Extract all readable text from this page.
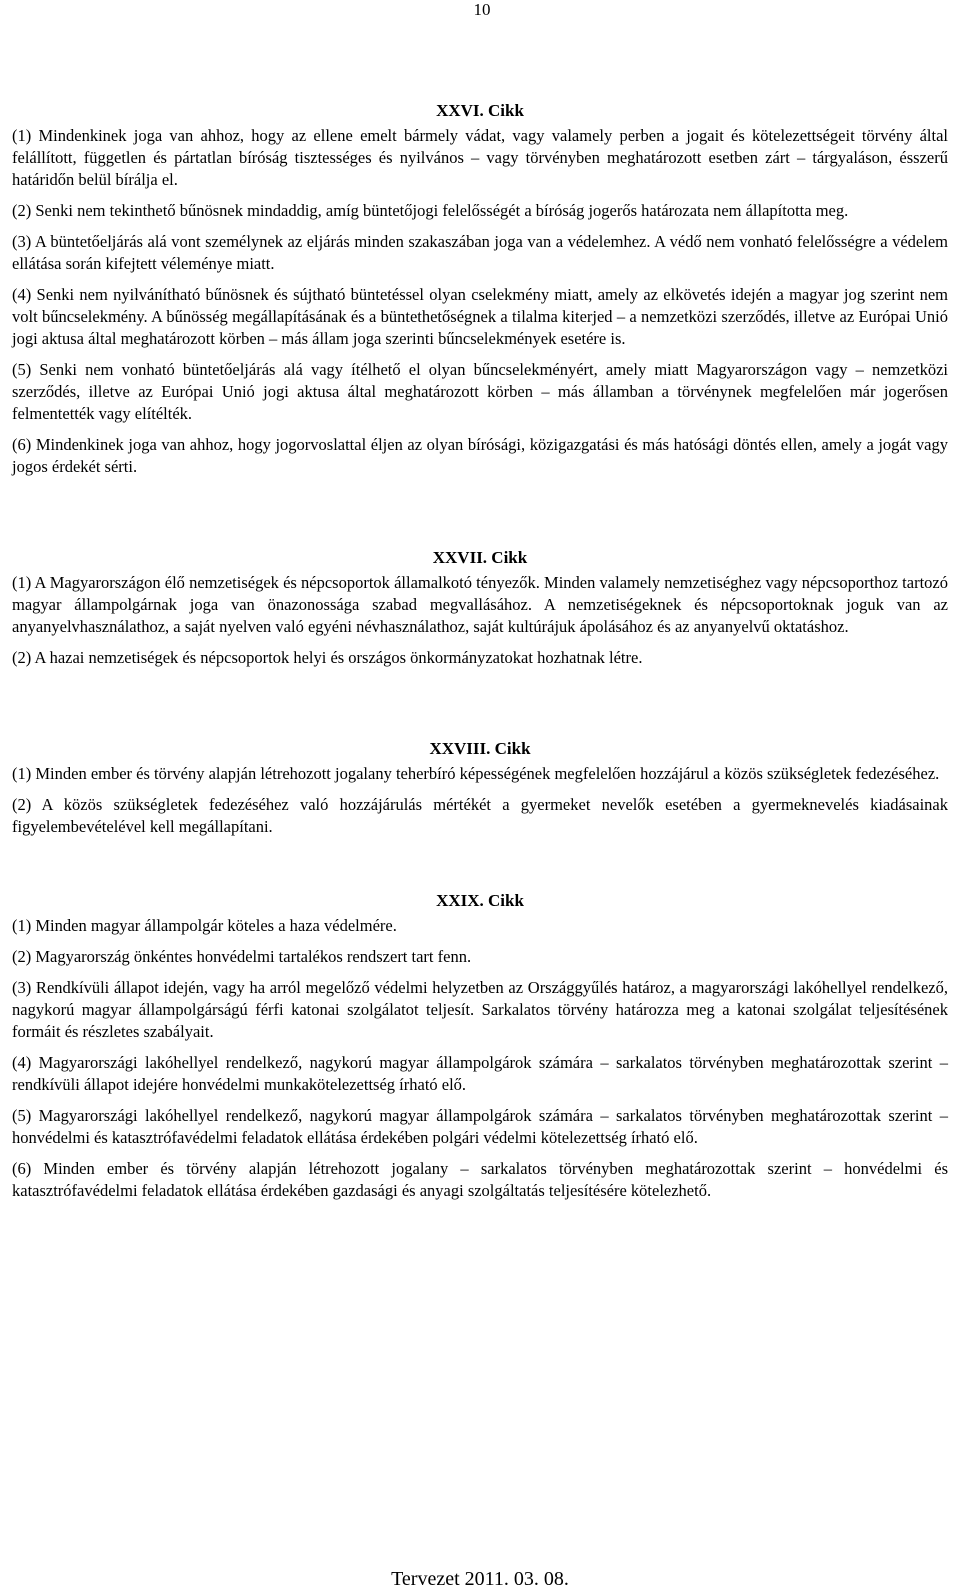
10
XXVI. Cikk

(1) Mindenkinek joga van ahhoz, hogy az ellene emelt bármely vádat, vagy valamely perben a jogait és kötelezettségeit törvény által felállított, független és pártatlan bíróság tisztességes és nyilvános – vagy törvényben meghatározott esetben zárt – tárgyaláson, ésszerű határidőn belül bírálja el.

(2) Senki nem tekinthető bűnösnek mindaddig, amíg büntetőjogi felelősségét a bíróság jogerős határozata nem állapította meg.

(3) A büntetőeljárás alá vont személynek az eljárás minden szakaszában joga van a védelemhez. A védő nem vonható felelősségre a védelem ellátása során kifejtett véleménye miatt.

(4) Senki nem nyilvánítható bűnösnek és sújtható büntetéssel olyan cselekmény miatt, amely az elkövetés idején a magyar jog szerint nem volt bűncselekmény. A bűnösség megállapításának és a büntethetőségnek a tilalma kiterjed – a nemzetközi szerződés, illetve az Európai Unió jogi aktusa által meghatározott körben – más állam joga szerinti bűncselekmények esetére is.

(5) Senki nem vonható büntetőeljárás alá vagy ítélhető el olyan bűncselekményért, amely miatt Magyarországon vagy – nemzetközi szerződés, illetve az Európai Unió jogi aktusa által meghatározott körben – más államban a törvénynek megfelelően már jogerősen felmentették vagy elítélték.

(6) Mindenkinek joga van ahhoz, hogy jogorvoslattal éljen az olyan bírósági, közigazgatási és más hatósági döntés ellen, amely a jogát vagy jogos érdekét sérti.

XXVII. Cikk

(1) A Magyarországon élő nemzetiségek és népcsoportok államalkotó tényezők. Minden valamely nemzetiséghez vagy népcsoporthoz tartozó magyar állampolgárnak joga van önazonossága szabad megvallásához. A nemzetiségeknek és népcsoportoknak joguk van az anyanyelvhasználathoz, a saját nyelven való egyéni névhasználathoz, saját kultúrájuk ápolásához és az anyanyelvű oktatáshoz.

(2) A hazai nemzetiségek és népcsoportok helyi és országos önkormányzatokat hozhatnak létre.

XXVIII. Cikk

(1) Minden ember és törvény alapján létrehozott jogalany teherbíró képességének megfelelően hozzájárul a közös szükségletek fedezéséhez.

(2) A közös szükségletek fedezéséhez való hozzájárulás mértékét a gyermeket nevelők esetében a gyermeknevelés kiadásainak figyelembevételével kell megállapítani.

XXIX. Cikk

(1) Minden magyar állampolgár köteles a haza védelmére.

(2) Magyarország önkéntes honvédelmi tartalékos rendszert tart fenn.

(3) Rendkívüli állapot idején, vagy ha arról megelőző védelmi helyzetben az Országgyűlés határoz, a magyarországi lakóhellyel rendelkező, nagykorú magyar állampolgárságú férfi katonai szolgálatot teljesít. Sarkalatos törvény határozza meg a katonai szolgálat teljesítésének formáit és részletes szabályait.

(4) Magyarországi lakóhellyel rendelkező, nagykorú magyar állampolgárok számára – sarkalatos törvényben meghatározottak szerint – rendkívüli állapot idejére honvédelmi munkakötelezettség írható elő.

(5) Magyarországi lakóhellyel rendelkező, nagykorú magyar állampolgárok számára – sarkalatos törvényben meghatározottak szerint – honvédelmi és katasztrófavédelmi feladatok ellátása érdekében polgári védelmi kötelezettség írható elő.

(6) Minden ember és törvény alapján létrehozott jogalany – sarkalatos törvényben meghatározottak szerint – honvédelmi és katasztrófavédelmi feladatok ellátása érdekében gazdasági és anyagi szolgáltatás teljesítésére kötelezhető.

Tervezet 2011. 03. 08.
